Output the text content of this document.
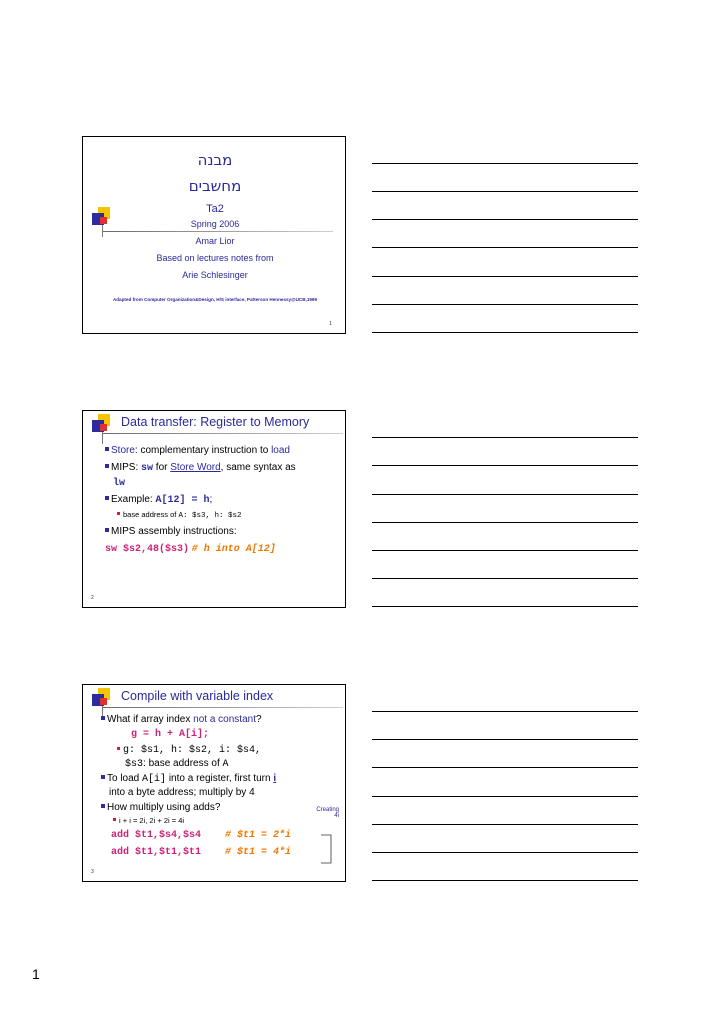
מבנה
מחשבים
Ta2
Spring 2006
Amar Lior
Based on lectures notes from
Arie Schlesinger
Adapted from Computer Organization&Design, H/S interface, Patterson Hennessy@UCB,1999
1
Data transfer: Register to Memory
Store: complementary instruction to load
MIPS: sw for Store Word, same syntax as
lw
Example: A[12] = h;
base address of A: $s3, h: $s2
MIPS assembly instructions:
sw $s2,48($s3) # h into A[12]
2
Compile with variable index
What if array index not a constant?
g = h + A[i];
g: $s1, h: $s2, i: $s4,
$s3: base address of A
To load A[i] into a register, first turn i
into a byte address; multiply by 4
How multiply using adds?	Creating
4i
i + i = 2i, 2i + 2i = 4i
add $t1,$s4,$s4 # $t1 = 2*i
add $t1,$t1,$t1 # $t1 = 4*i
3
1
